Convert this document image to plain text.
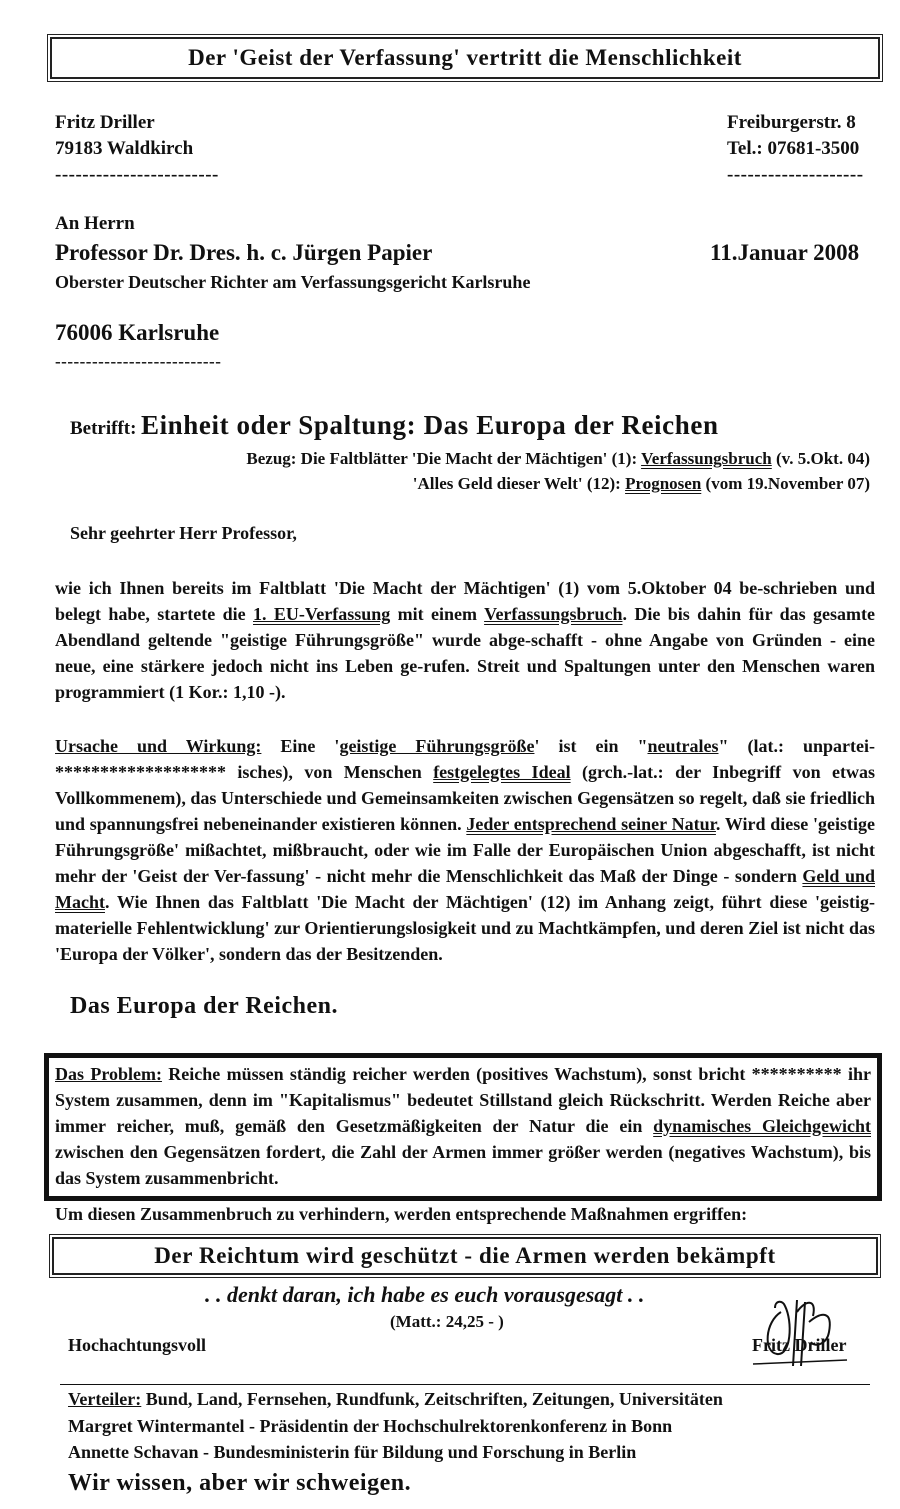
Der 'Geist der Verfassung' vertritt die Menschlichkeit
Fritz Driller
79183 Waldkirch
------------------------
Freiburgerstr. 8
Tel.: 07681-3500
--------------------
An Herrn
Professor Dr. Dres. h. c. Jürgen Papier	11.Januar 2008
Oberster Deutscher Richter am Verfassungsgericht Karlsruhe
76006 Karlsruhe
---------------------------
Betrifft: Einheit oder Spaltung: Das Europa der Reichen
Bezug: Die Faltblätter 'Die Macht der Mächtigen' (1): Verfassungsbruch (v. 5.Okt. 04)
'Alles Geld dieser Welt' (12): Prognosen (vom 19.November 07)
Sehr geehrter Herr Professor,
wie ich Ihnen bereits im Faltblatt 'Die Macht der Mächtigen' (1) vom 5.Oktober 04 be-schrieben und belegt habe, startete die 1. EU-Verfassung mit einem Verfassungsbruch. Die bis dahin für das gesamte Abendland geltende "geistige Führungsgröße" wurde abge-schafft - ohne Angabe von Gründen - eine neue, eine stärkere jedoch nicht ins Leben ge-rufen. Streit und Spaltungen unter den Menschen waren programmiert (1 Kor.: 1,10 -).
Ursache und Wirkung: Eine 'geistige Führungsgröße' ist ein "neutrales" (lat.: unpartei-******************* isches), von Menschen festgelegtes Ideal (grch.-lat.: der Inbegriff von etwas Vollkommenem), das Unterschiede und Gemeinsamkeiten zwischen Gegensätzen so regelt, daß sie friedlich und spannungsfrei nebeneinander existieren können. Jeder entsprechend seiner Natur. Wird diese 'geistige Führungsgröße' mißachtet, mißbraucht, oder wie im Falle der Europäischen Union abgeschafft, ist nicht mehr der 'Geist der Ver-fassung' - nicht mehr die Menschlichkeit das Maß der Dinge - sondern Geld und Macht. Wie Ihnen das Faltblatt 'Die Macht der Mächtigen' (12) im Anhang zeigt, führt diese 'geistig-materielle Fehlentwicklung' zur Orientierungslosigkeit und zu Machtkämpfen, und deren Ziel ist nicht das 'Europa der Völker', sondern das der Besitzenden.
Das Europa der Reichen.
Das Problem: Reiche müssen ständig reicher werden (positives Wachstum), sonst bricht ********** ihr System zusammen, denn im "Kapitalismus" bedeutet Stillstand gleich Rückschritt. Werden Reiche aber immer reicher, muß, gemäß den Gesetzmäßigkeiten der Natur die ein dynamisches Gleichgewicht zwischen den Gegensätzen fordert, die Zahl der Armen immer größer werden (negatives Wachstum), bis das System zusammenbricht.
Um diesen Zusammenbruch zu verhindern, werden entsprechende Maßnahmen ergriffen:
Der Reichtum wird geschützt - die Armen werden bekämpft
. . denkt daran, ich habe es euch vorausgesagt . .
(Matt.: 24,25 - )
Hochachtungsvoll	Fritz Driller
Verteiler: Bund, Land, Fernsehen, Rundfunk, Zeitschriften, Zeitungen, Universitäten
Margret Wintermantel - Präsidentin der Hochschulrektorenkonferenz in Bonn
Annette Schavan - Bundesministerin für Bildung und Forschung in Berlin
Wir wissen, aber wir schweigen.
